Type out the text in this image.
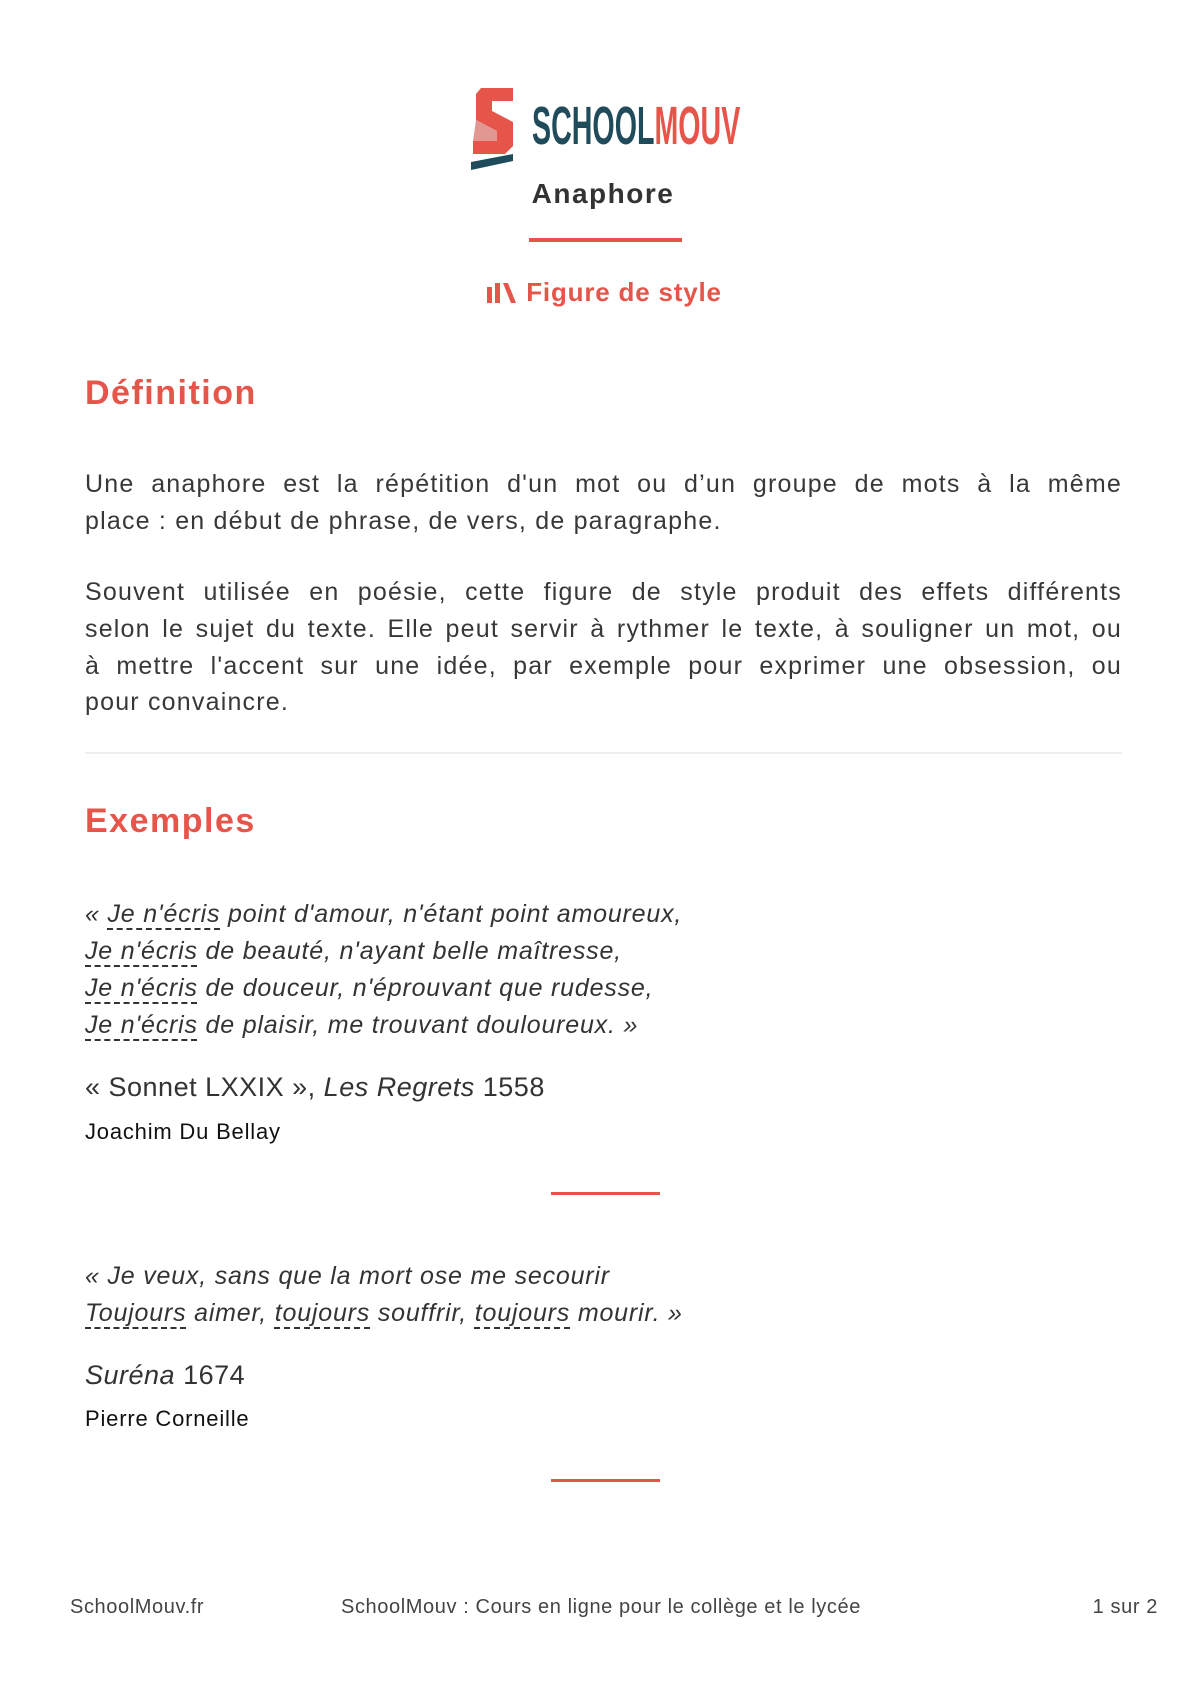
SCHOOLMOUV
Anaphore
Figure de style
Définition
Une anaphore est la répétition d'un mot ou d’un groupe de mots à la même
place : en début de phrase, de vers, de paragraphe.
Souvent utilisée en poésie, cette figure de style produit des effets différents
selon le sujet du texte. Elle peut servir à rythmer le texte, à souligner un mot, ou
à mettre l'accent sur une idée, par exemple pour exprimer une obsession, ou
pour convaincre.
Exemples
« Je n'écris point d'amour, n'étant point amoureux,
Je n'écris de beauté, n'ayant belle maîtresse,
Je n'écris de douceur, n'éprouvant que rudesse,
Je n'écris de plaisir, me trouvant douloureux. »
« Sonnet LXXIX », Les Regrets 1558
Joachim Du Bellay
« Je veux, sans que la mort ose me secourir
Toujours aimer, toujours souffrir, toujours mourir. »
Suréna 1674
Pierre Corneille
SchoolMouv.fr	SchoolMouv : Cours en ligne pour le collège et le lycée	1 sur 2
